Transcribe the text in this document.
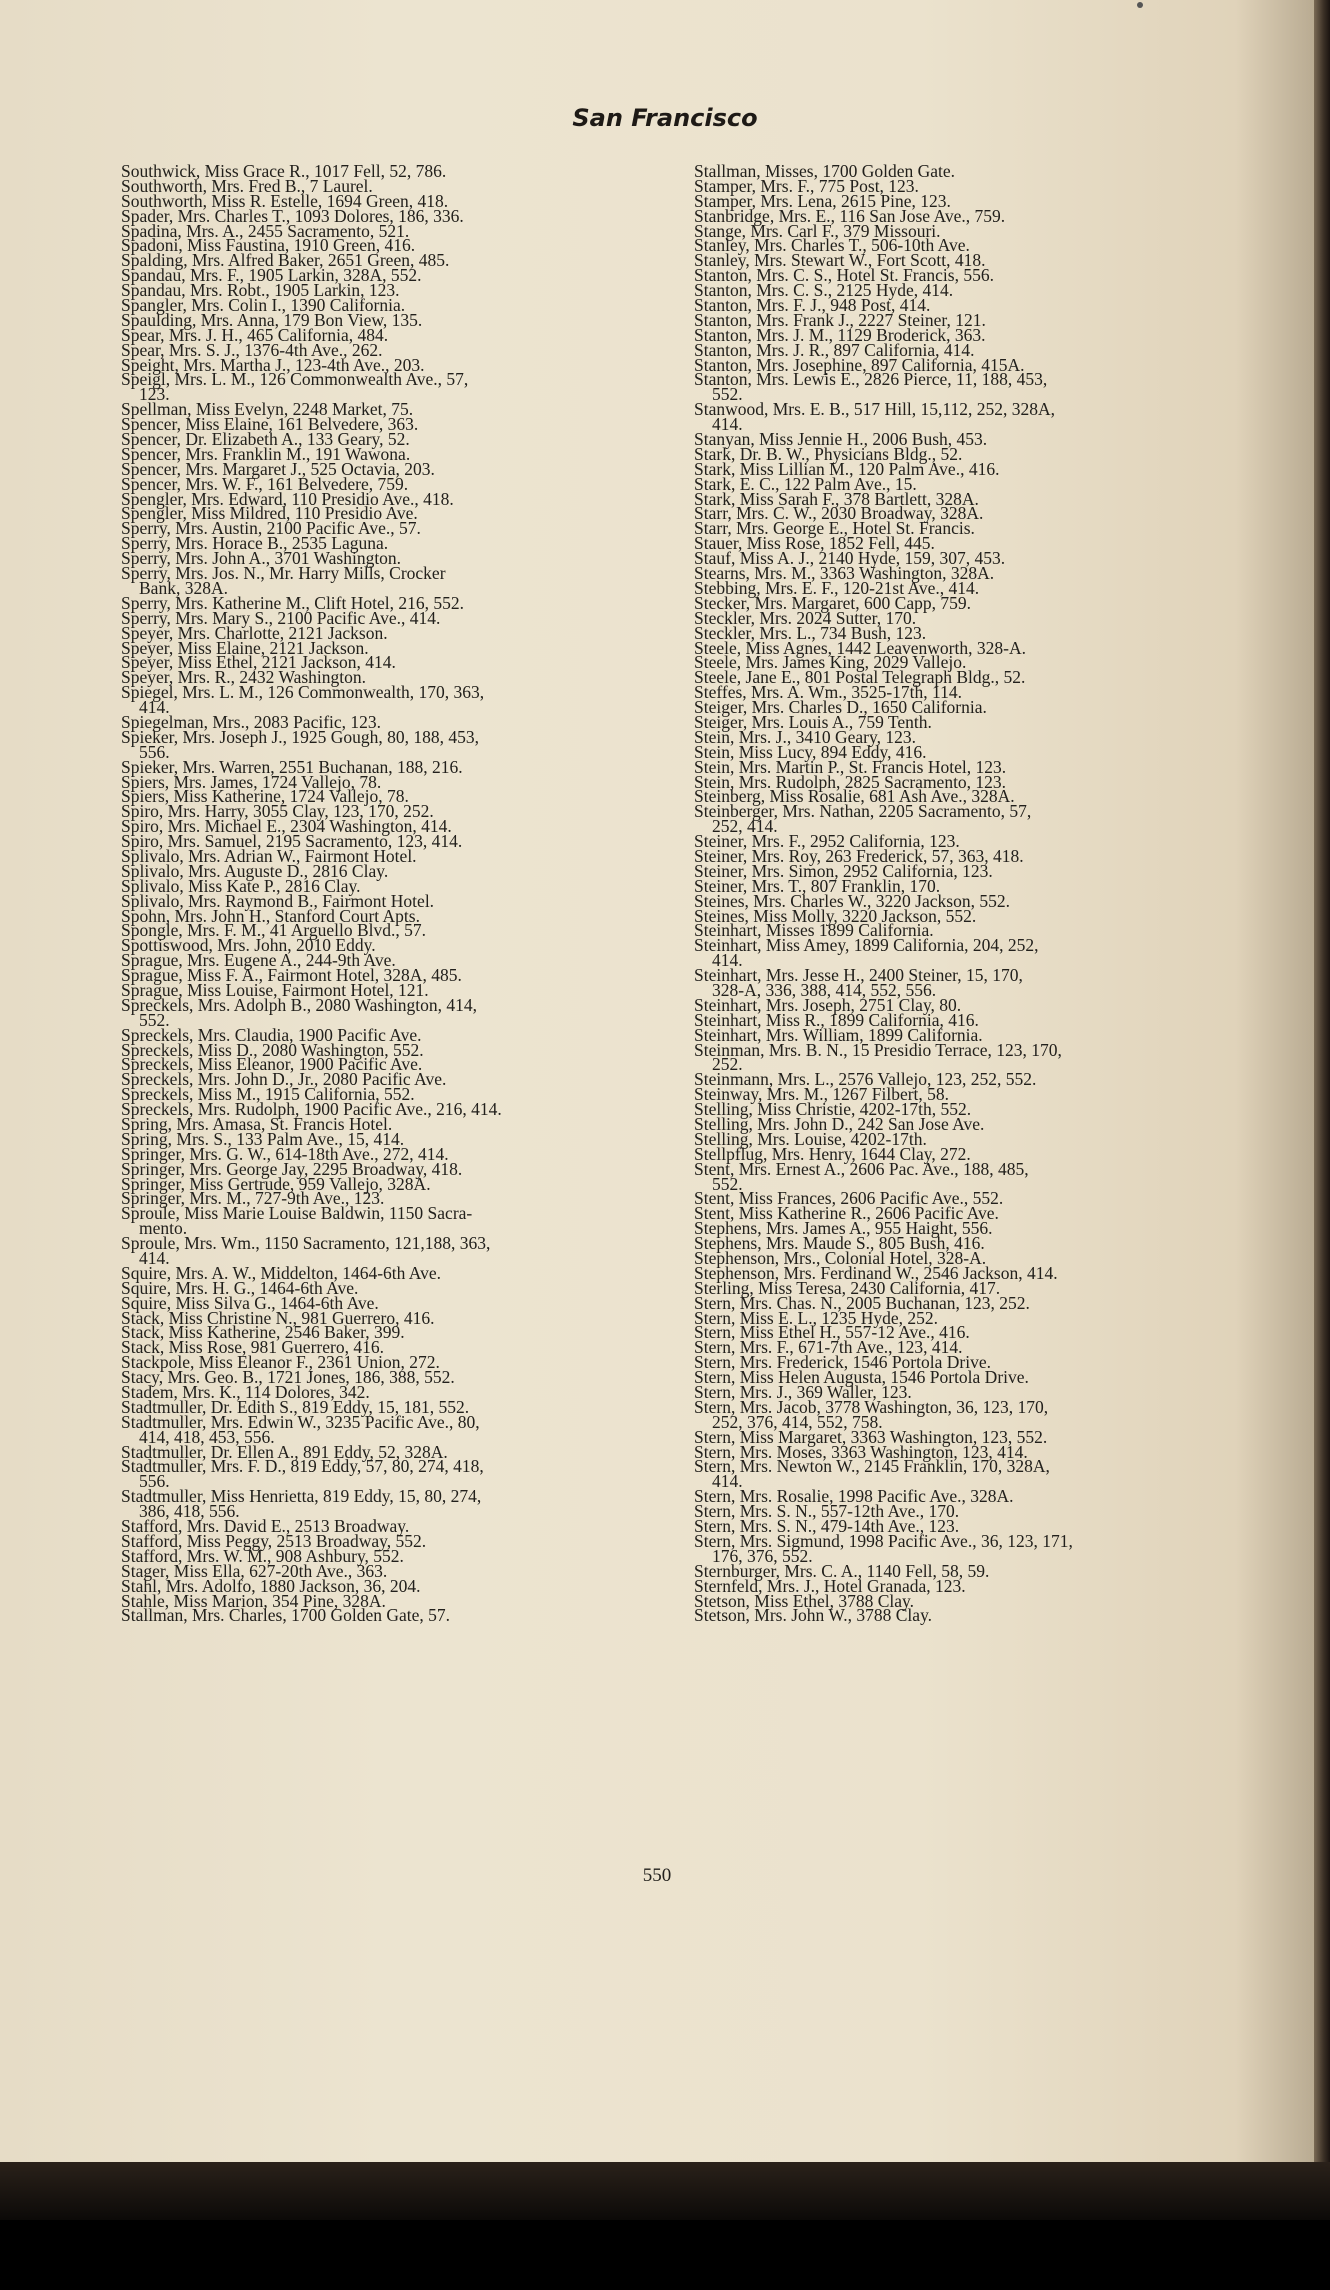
San Francisco
Southwick, Miss Grace R., 1017 Fell, 52, 786.
Southworth, Mrs. Fred B., 7 Laurel.
Southworth, Miss R. Estelle, 1694 Green, 418.
Spader, Mrs. Charles T., 1093 Dolores, 186, 336.
Spadina, Mrs. A., 2455 Sacramento, 521.
Spadoni, Miss Faustina, 1910 Green, 416.
Spalding, Mrs. Alfred Baker, 2651 Green, 485.
Spandau, Mrs. F., 1905 Larkin, 328A, 552.
Spandau, Mrs. Robt., 1905 Larkin, 123.
Spangler, Mrs. Colin I., 1390 California.
Spaulding, Mrs. Anna, 179 Bon View, 135.
Spear, Mrs. J. H., 465 California, 484.
Spear, Mrs. S. J., 1376-4th Ave., 262.
Speight, Mrs. Martha J., 123-4th Ave., 203.
Speigl, Mrs. L. M., 126 Commonwealth Ave., 57,
123.
Spellman, Miss Evelyn, 2248 Market, 75.
Spencer, Miss Elaine, 161 Belvedere, 363.
Spencer, Dr. Elizabeth A., 133 Geary, 52.
Spencer, Mrs. Franklin M., 191 Wawona.
Spencer, Mrs. Margaret J., 525 Octavia, 203.
Spencer, Mrs. W. F., 161 Belvedere, 759.
Spengler, Mrs. Edward, 110 Presidio Ave., 418.
Spengler, Miss Mildred, 110 Presidio Ave.
Sperry, Mrs. Austin, 2100 Pacific Ave., 57.
Sperry, Mrs. Horace B., 2535 Laguna.
Sperry, Mrs. John A., 3701 Washington.
Sperry, Mrs. Jos. N., Mr. Harry Mills, Crocker
Bank, 328A.
Sperry, Mrs. Katherine M., Clift Hotel, 216, 552.
Sperry, Mrs. Mary S., 2100 Pacific Ave., 414.
Speyer, Mrs. Charlotte, 2121 Jackson.
Speyer, Miss Elaine, 2121 Jackson.
Speyer, Miss Ethel, 2121 Jackson, 414.
Speyer, Mrs. R., 2432 Washington.
Spiegel, Mrs. L. M., 126 Commonwealth, 170, 363,
414.
Spiegelman, Mrs., 2083 Pacific, 123.
Spieker, Mrs. Joseph J., 1925 Gough, 80, 188, 453,
556.
Spieker, Mrs. Warren, 2551 Buchanan, 188, 216.
Spiers, Mrs. James, 1724 Vallejo, 78.
Spiers, Miss Katherine, 1724 Vallejo, 78.
Spiro, Mrs. Harry, 3055 Clay, 123, 170, 252.
Spiro, Mrs. Michael E., 2304 Washington, 414.
Spiro, Mrs. Samuel, 2195 Sacramento, 123, 414.
Splivalo, Mrs. Adrian W., Fairmont Hotel.
Splivalo, Mrs. Auguste D., 2816 Clay.
Splivalo, Miss Kate P., 2816 Clay.
Splivalo, Mrs. Raymond B., Fairmont Hotel.
Spohn, Mrs. John H., Stanford Court Apts.
Spongle, Mrs. F. M., 41 Arguello Blvd., 57.
Spottiswood, Mrs. John, 2010 Eddy.
Sprague, Mrs. Eugene A., 244-9th Ave.
Sprague, Miss F. A., Fairmont Hotel, 328A, 485.
Sprague, Miss Louise, Fairmont Hotel, 121.
Spreckels, Mrs. Adolph B., 2080 Washington, 414,
552.
Spreckels, Mrs. Claudia, 1900 Pacific Ave.
Spreckels, Miss D., 2080 Washington, 552.
Spreckels, Miss Eleanor, 1900 Pacific Ave.
Spreckels, Mrs. John D., Jr., 2080 Pacific Ave.
Spreckels, Miss M., 1915 California, 552.
Spreckels, Mrs. Rudolph, 1900 Pacific Ave., 216, 414.
Spring, Mrs. Amasa, St. Francis Hotel.
Spring, Mrs. S., 133 Palm Ave., 15, 414.
Springer, Mrs. G. W., 614-18th Ave., 272, 414.
Springer, Mrs. George Jay, 2295 Broadway, 418.
Springer, Miss Gertrude, 959 Vallejo, 328A.
Springer, Mrs. M., 727-9th Ave., 123.
Sproule, Miss Marie Louise Baldwin, 1150 Sacra-
mento.
Sproule, Mrs. Wm., 1150 Sacramento, 121,188, 363,
414.
Squire, Mrs. A. W., Middelton, 1464-6th Ave.
Squire, Mrs. H. G., 1464-6th Ave.
Squire, Miss Silva G., 1464-6th Ave.
Stack, Miss Christine N., 981 Guerrero, 416.
Stack, Miss Katherine, 2546 Baker, 399.
Stack, Miss Rose, 981 Guerrero, 416.
Stackpole, Miss Eleanor F., 2361 Union, 272.
Stacy, Mrs. Geo. B., 1721 Jones, 186, 388, 552.
Stadem, Mrs. K., 114 Dolores, 342.
Stadtmuller, Dr. Edith S., 819 Eddy, 15, 181, 552.
Stadtmuller, Mrs. Edwin W., 3235 Pacific Ave., 80,
414, 418, 453, 556.
Stadtmuller, Dr. Ellen A., 891 Eddy, 52, 328A.
Stadtmuller, Mrs. F. D., 819 Eddy, 57, 80, 274, 418,
556.
Stadtmuller, Miss Henrietta, 819 Eddy, 15, 80, 274,
386, 418, 556.
Stafford, Mrs. David E., 2513 Broadway.
Stafford, Miss Peggy, 2513 Broadway, 552.
Stafford, Mrs. W. M., 908 Ashbury, 552.
Stager, Miss Ella, 627-20th Ave., 363.
Stahl, Mrs. Adolfo, 1880 Jackson, 36, 204.
Stahle, Miss Marion, 354 Pine, 328A.
Stallman, Mrs. Charles, 1700 Golden Gate, 57.
Stallman, Misses, 1700 Golden Gate.
Stamper, Mrs. F., 775 Post, 123.
Stamper, Mrs. Lena, 2615 Pine, 123.
Stanbridge, Mrs. E., 116 San Jose Ave., 759.
Stange, Mrs. Carl F., 379 Missouri.
Stanley, Mrs. Charles T., 506-10th Ave.
Stanley, Mrs. Stewart W., Fort Scott, 418.
Stanton, Mrs. C. S., Hotel St. Francis, 556.
Stanton, Mrs. C. S., 2125 Hyde, 414.
Stanton, Mrs. F. J., 948 Post, 414.
Stanton, Mrs. Frank J., 2227 Steiner, 121.
Stanton, Mrs. J. M., 1129 Broderick, 363.
Stanton, Mrs. J. R., 897 California, 414.
Stanton, Mrs. Josephine, 897 California, 415A.
Stanton, Mrs. Lewis E., 2826 Pierce, 11, 188, 453,
552.
Stanwood, Mrs. E. B., 517 Hill, 15,112, 252, 328A,
414.
Stanyan, Miss Jennie H., 2006 Bush, 453.
Stark, Dr. B. W., Physicians Bldg., 52.
Stark, Miss Lillian M., 120 Palm Ave., 416.
Stark, E. C., 122 Palm Ave., 15.
Stark, Miss Sarah F., 378 Bartlett, 328A.
Starr, Mrs. C. W., 2030 Broadway, 328A.
Starr, Mrs. George E., Hotel St. Francis.
Stauer, Miss Rose, 1852 Fell, 445.
Stauf, Miss A. J., 2140 Hyde, 159, 307, 453.
Stearns, Mrs. M., 3363 Washington, 328A.
Stebbing, Mrs. E. F., 120-21st Ave., 414.
Stecker, Mrs. Margaret, 600 Capp, 759.
Steckler, Mrs. 2024 Sutter, 170.
Steckler, Mrs. L., 734 Bush, 123.
Steele, Miss Agnes, 1442 Leavenworth, 328-A.
Steele, Mrs. James King, 2029 Vallejo.
Steele, Jane E., 801 Postal Telegraph Bldg., 52.
Steffes, Mrs. A. Wm., 3525-17th, 114.
Steiger, Mrs. Charles D., 1650 California.
Steiger, Mrs. Louis A., 759 Tenth.
Stein, Mrs. J., 3410 Geary, 123.
Stein, Miss Lucy, 894 Eddy, 416.
Stein, Mrs. Martin P., St. Francis Hotel, 123.
Stein, Mrs. Rudolph, 2825 Sacramento, 123.
Steinberg, Miss Rosalie, 681 Ash Ave., 328A.
Steinberger, Mrs. Nathan, 2205 Sacramento, 57,
252, 414.
Steiner, Mrs. F., 2952 California, 123.
Steiner, Mrs. Roy, 263 Frederick, 57, 363, 418.
Steiner, Mrs. Simon, 2952 California, 123.
Steiner, Mrs. T., 807 Franklin, 170.
Steines, Mrs. Charles W., 3220 Jackson, 552.
Steines, Miss Molly, 3220 Jackson, 552.
Steinhart, Misses 1899 California.
Steinhart, Miss Amey, 1899 California, 204, 252,
414.
Steinhart, Mrs. Jesse H., 2400 Steiner, 15, 170,
328-A, 336, 388, 414, 552, 556.
Steinhart, Mrs. Joseph, 2751 Clay, 80.
Steinhart, Miss R., 1899 California, 416.
Steinhart, Mrs. William, 1899 California.
Steinman, Mrs. B. N., 15 Presidio Terrace, 123, 170,
252.
Steinmann, Mrs. L., 2576 Vallejo, 123, 252, 552.
Steinway, Mrs. M., 1267 Filbert, 58.
Stelling, Miss Christie, 4202-17th, 552.
Stelling, Mrs. John D., 242 San Jose Ave.
Stelling, Mrs. Louise, 4202-17th.
Stellpflug, Mrs. Henry, 1644 Clay, 272.
Stent, Mrs. Ernest A., 2606 Pac. Ave., 188, 485,
552.
Stent, Miss Frances, 2606 Pacific Ave., 552.
Stent, Miss Katherine R., 2606 Pacific Ave.
Stephens, Mrs. James A., 955 Haight, 556.
Stephens, Mrs. Maude S., 805 Bush, 416.
Stephenson, Mrs., Colonial Hotel, 328-A.
Stephenson, Mrs. Ferdinand W., 2546 Jackson, 414.
Sterling, Miss Teresa, 2430 California, 417.
Stern, Mrs. Chas. N., 2005 Buchanan, 123, 252.
Stern, Miss E. L., 1235 Hyde, 252.
Stern, Miss Ethel H., 557-12 Ave., 416.
Stern, Mrs. F., 671-7th Ave., 123, 414.
Stern, Mrs. Frederick, 1546 Portola Drive.
Stern, Miss Helen Augusta, 1546 Portola Drive.
Stern, Mrs. J., 369 Waller, 123.
Stern, Mrs. Jacob, 3778 Washington, 36, 123, 170,
252, 376, 414, 552, 758.
Stern, Miss Margaret, 3363 Washington, 123, 552.
Stern, Mrs. Moses, 3363 Washington, 123, 414.
Stern, Mrs. Newton W., 2145 Franklin, 170, 328A,
414.
Stern, Mrs. Rosalie, 1998 Pacific Ave., 328A.
Stern, Mrs. S. N., 557-12th Ave., 170.
Stern, Mrs. S. N., 479-14th Ave., 123.
Stern, Mrs. Sigmund, 1998 Pacific Ave., 36, 123, 171,
176, 376, 552.
Sternburger, Mrs. C. A., 1140 Fell, 58, 59.
Sternfeld, Mrs. J., Hotel Granada, 123.
Stetson, Miss Ethel, 3788 Clay.
Stetson, Mrs. John W., 3788 Clay.
550
